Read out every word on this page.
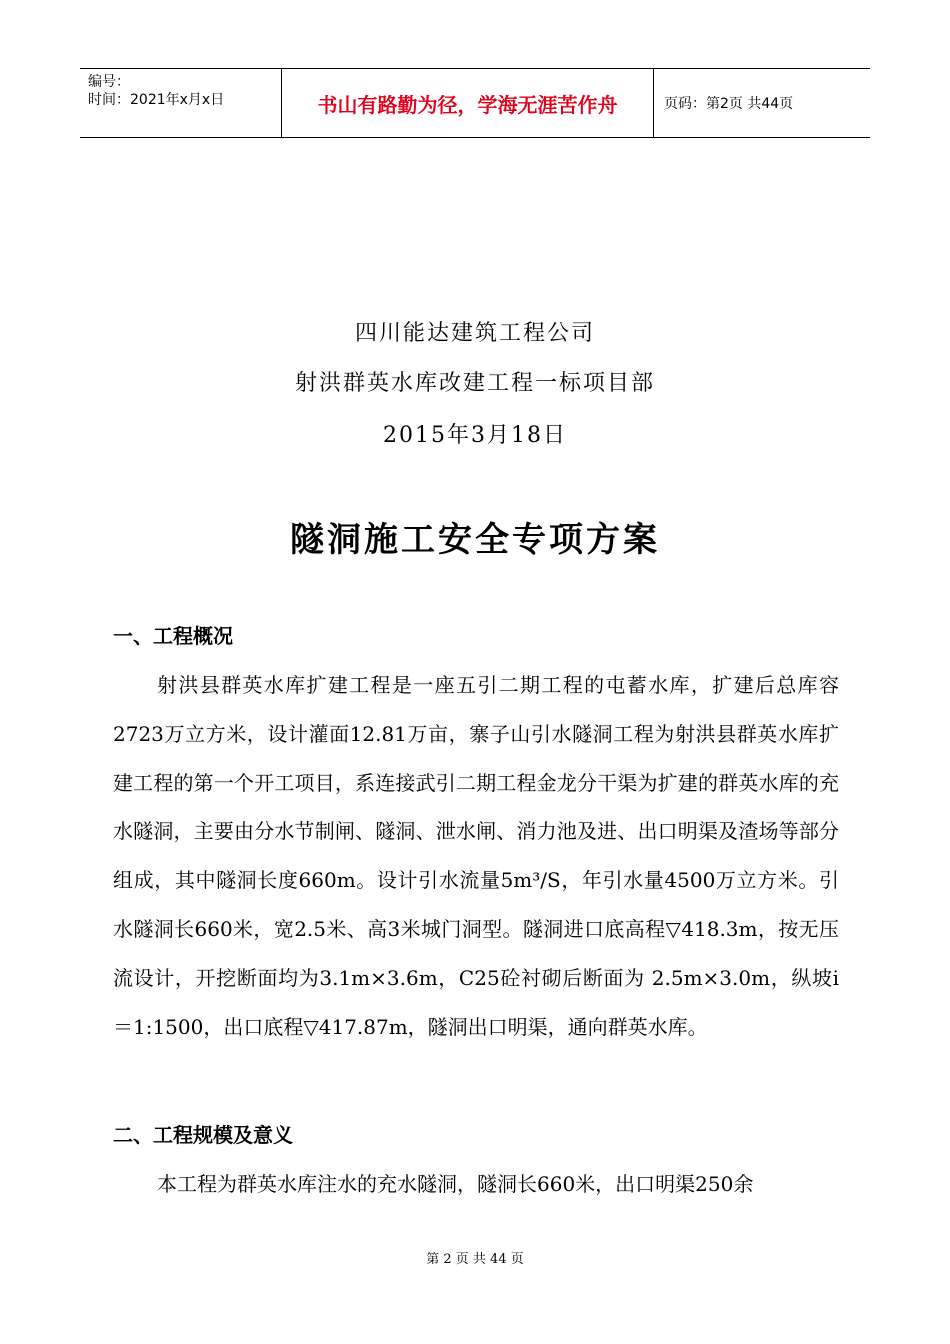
编号：
时间：2021年x月x日	书山有路勤为径，学海无涯苦作舟	页码：第2页 共44页
四川能达建筑工程公司
射洪群英水库改建工程一标项目部
2015年3月18日
隧洞施工安全专项方案
一、工程概况

射洪县群英水库扩建工程是一座五引二期工程的屯蓄水库，扩建后总库容2723万立方米，设计灌面12.81万亩，寨子山引水隧洞工程为射洪县群英水库扩建工程的第一个开工项目，系连接武引二期工程金龙分干渠为扩建的群英水库的充水隧洞，主要由分水节制闸、隧洞、泄水闸、消力池及进、出口明渠及渣场等部分组成，其中隧洞长度660m。设计引水流量5m³/S，年引水量4500万立方米。引水隧洞长660米，宽2.5米、高3米城门洞型。隧洞进口底高程▽418.3m，按无压流设计，开挖断面均为3.1m×3.6m，C25砼衬砌后断面为 2.5m×3.0m，纵坡i＝1:1500，出口底程▽417.87m，隧洞出口明渠，通向群英水库。

二、工程规模及意义

本工程为群英水库注水的充水隧洞，隧洞长660米，出口明渠250余

第 2 页 共 44 页
